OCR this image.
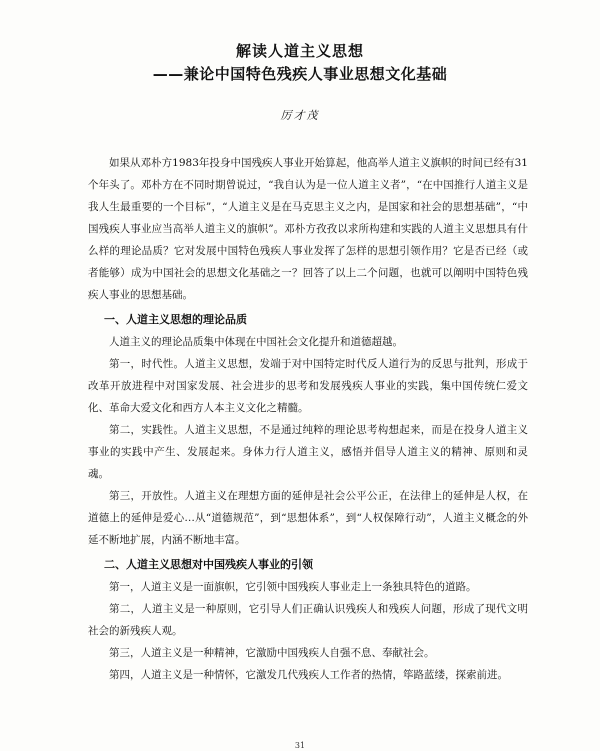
解读人道主义思想
——兼论中国特色残疾人事业思想文化基础
厉才茂

如果从邓朴方1983年投身中国残疾人事业开始算起，他高举人道主义旗帜的时间已经有31个年头了。邓朴方在不同时期曾说过，“我自认为是一位人道主义者”，“在中国推行人道主义是我人生最重要的一个目标”，“人道主义是在马克思主义之内，是国家和社会的思想基础”，“中国残疾人事业应当高举人道主义的旗帜”。邓朴方孜孜以求所构建和实践的人道主义思想具有什么样的理论品质？它对发展中国特色残疾人事业发挥了怎样的思想引领作用？它是否已经（或者能够）成为中国社会的思想文化基础之一？回答了以上二个问题，也就可以阐明中国特色残疾人事业的思想基础。

一、人道主义思想的理论品质

人道主义的理论品质集中体现在中国社会文化提升和道德超越。

第一，时代性。人道主义思想，发端于对中国特定时代反人道行为的反思与批判，形成于改革开放进程中对国家发展、社会进步的思考和发展残疾人事业的实践，集中国传统仁爱文化、革命大爱文化和西方人本主义文化之精髓。

第二，实践性。人道主义思想，不是通过纯粹的理论思考构想起来，而是在投身人道主义事业的实践中产生、发展起来。身体力行人道主义，感悟并倡导人道主义的精神、原则和灵魂。

第三，开放性。人道主义在理想方面的延伸是社会公平公正，在法律上的延伸是人权，在道德上的延伸是爱心…从“道德规范”，到“思想体系”，到“人权保障行动”，人道主义概念的外延不断地扩展，内涵不断地丰富。

二、人道主义思想对中国残疾人事业的引领

第一，人道主义是一面旗帜，它引领中国残疾人事业走上一条独具特色的道路。

第二，人道主义是一种原则，它引导人们正确认识残疾人和残疾人问题，形成了现代文明社会的新残疾人观。

第三，人道主义是一种精神，它激励中国残疾人自强不息、奉献社会。

第四，人道主义是一种情怀，它激发几代残疾人工作者的热情，筚路蓝缕，探索前进。

31
